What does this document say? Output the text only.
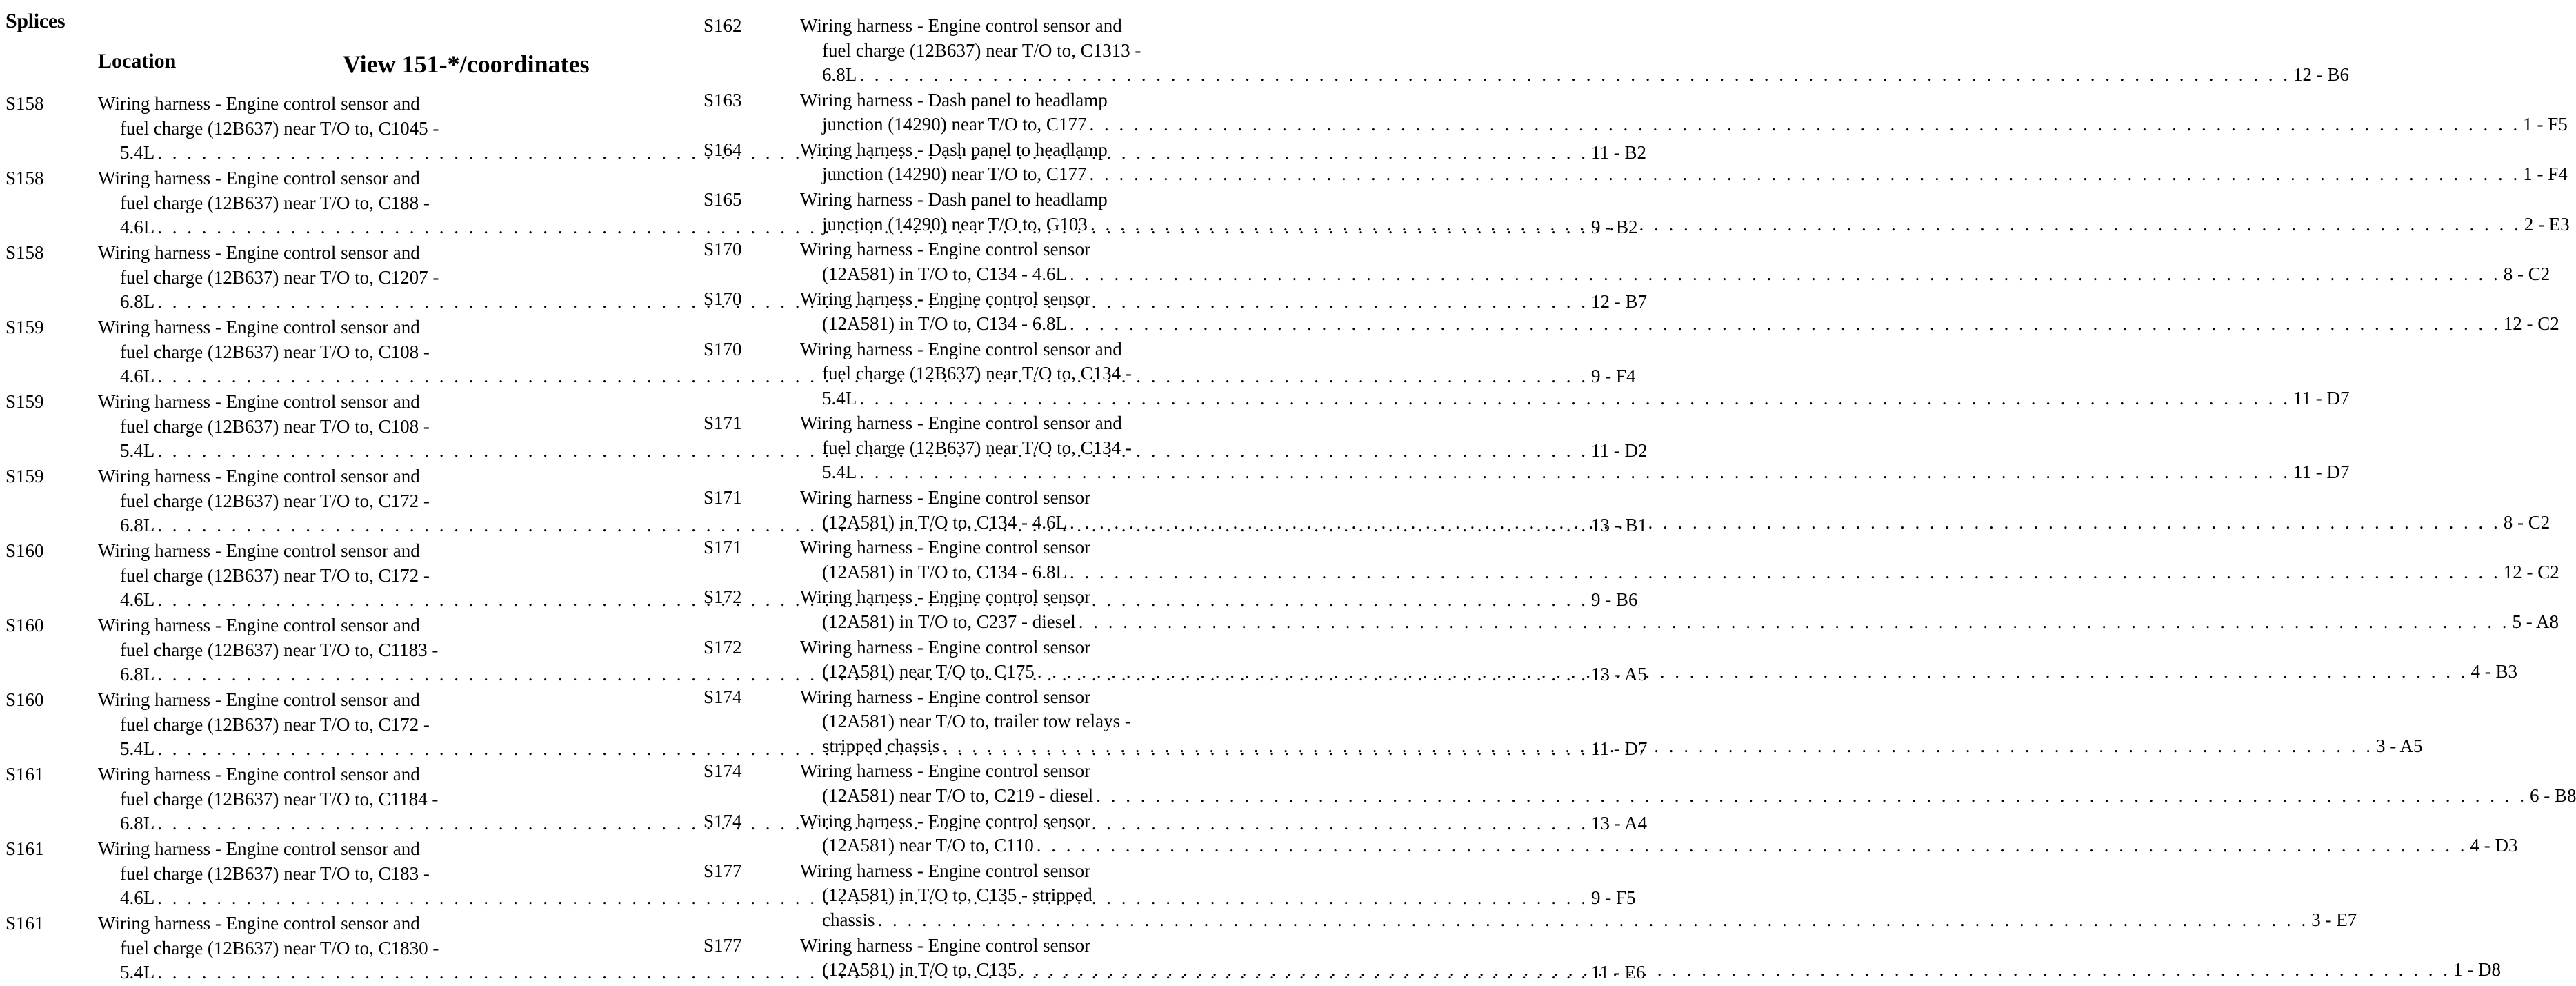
Splices
Location	View 151-*/coordinates
S158	Wiring harness - Engine control sensor and
fuel charge (12B637) near T/O to, C1045 -
5.4L . . .	11 - B2
S158	Wiring harness - Engine control sensor and
fuel charge (12B637) near T/O to, C188 -
4.6L . . .	9 - B2
S158	Wiring harness - Engine control sensor and
fuel charge (12B637) near T/O to, C1207 -
6.8L . . .	12 - B7
S159	Wiring harness - Engine control sensor and
fuel charge (12B637) near T/O to, C108 -
4.6L . . .	9 - F4
S159	Wiring harness - Engine control sensor and
fuel charge (12B637) near T/O to, C108 -
5.4L . . .	11 - D2
S159	Wiring harness - Engine control sensor and
fuel charge (12B637) near T/O to, C172 -
6.8L . . .	13 - B1
S160	Wiring harness - Engine control sensor and
fuel charge (12B637) near T/O to, C172 -
4.6L . . .	9 - B6
S160	Wiring harness - Engine control sensor and
fuel charge (12B637) near T/O to, C1183 -
6.8L . . .	13 - A5
S160	Wiring harness - Engine control sensor and
fuel charge (12B637) near T/O to, C172 -
5.4L . . .	11 - D7
S161	Wiring harness - Engine control sensor and
fuel charge (12B637) near T/O to, C1184 -
6.8L . . .	13 - A4
S161	Wiring harness - Engine control sensor and
fuel charge (12B637) near T/O to, C183 -
4.6L . . .	9 - F5
S161	Wiring harness - Engine control sensor and
fuel charge (12B637) near T/O to, C1830 -
5.4L . . .	11 - E6
S162	Wiring harness - Engine control sensor and
fuel charge (12B637) near T/O to, C1313 -
6.8L . . .	12 - B6
S163	Wiring harness - Dash panel to headlamp
junction (14290) near T/O to, C177 . . .	1 - F5
S164	Wiring harness - Dash panel to headlamp
junction (14290) near T/O to, C177 . . .	1 - F4
S165	Wiring harness - Dash panel to headlamp
junction (14290) near T/O to, G103 . . .	2 - E3
S170	Wiring harness - Engine control sensor
(12A581) in T/O to, C134 - 4.6L . . .	8 - C2
S170	Wiring harness - Engine control sensor
(12A581) in T/O to, C134 - 6.8L . . .	12 - C2
S170	Wiring harness - Engine control sensor and
fuel charge (12B637) near T/O to, C134 -
5.4L . . .	11 - D7
S171	Wiring harness - Engine control sensor and
fuel charge (12B637) near T/O to, C134 -
5.4L . . .	11 - D7
S171	Wiring harness - Engine control sensor
(12A581) in T/O to, C134 - 4.6L . . .	8 - C2
S171	Wiring harness - Engine control sensor
(12A581) in T/O to, C134 - 6.8L . . .	12 - C2
S172	Wiring harness - Engine control sensor
(12A581) in T/O to, C237 - diesel . . .	5 - A8
S172	Wiring harness - Engine control sensor
(12A581) near T/O to, C175 . . .	4 - B3
S174	Wiring harness - Engine control sensor
(12A581) near T/O to, trailer tow relays -
stripped chassis . . .	3 - A5
S174	Wiring harness - Engine control sensor
(12A581) near T/O to, C219 - diesel . . .	6 - B8
S174	Wiring harness - Engine control sensor
(12A581) near T/O to, C110 . . .	4 - D3
S177	Wiring harness - Engine control sensor
(12A581) in T/O to, C135 - stripped
chassis . . .	3 - E7
S177	Wiring harness - Engine control sensor
(12A581) in T/O to, C135 . . .	1 - D8
